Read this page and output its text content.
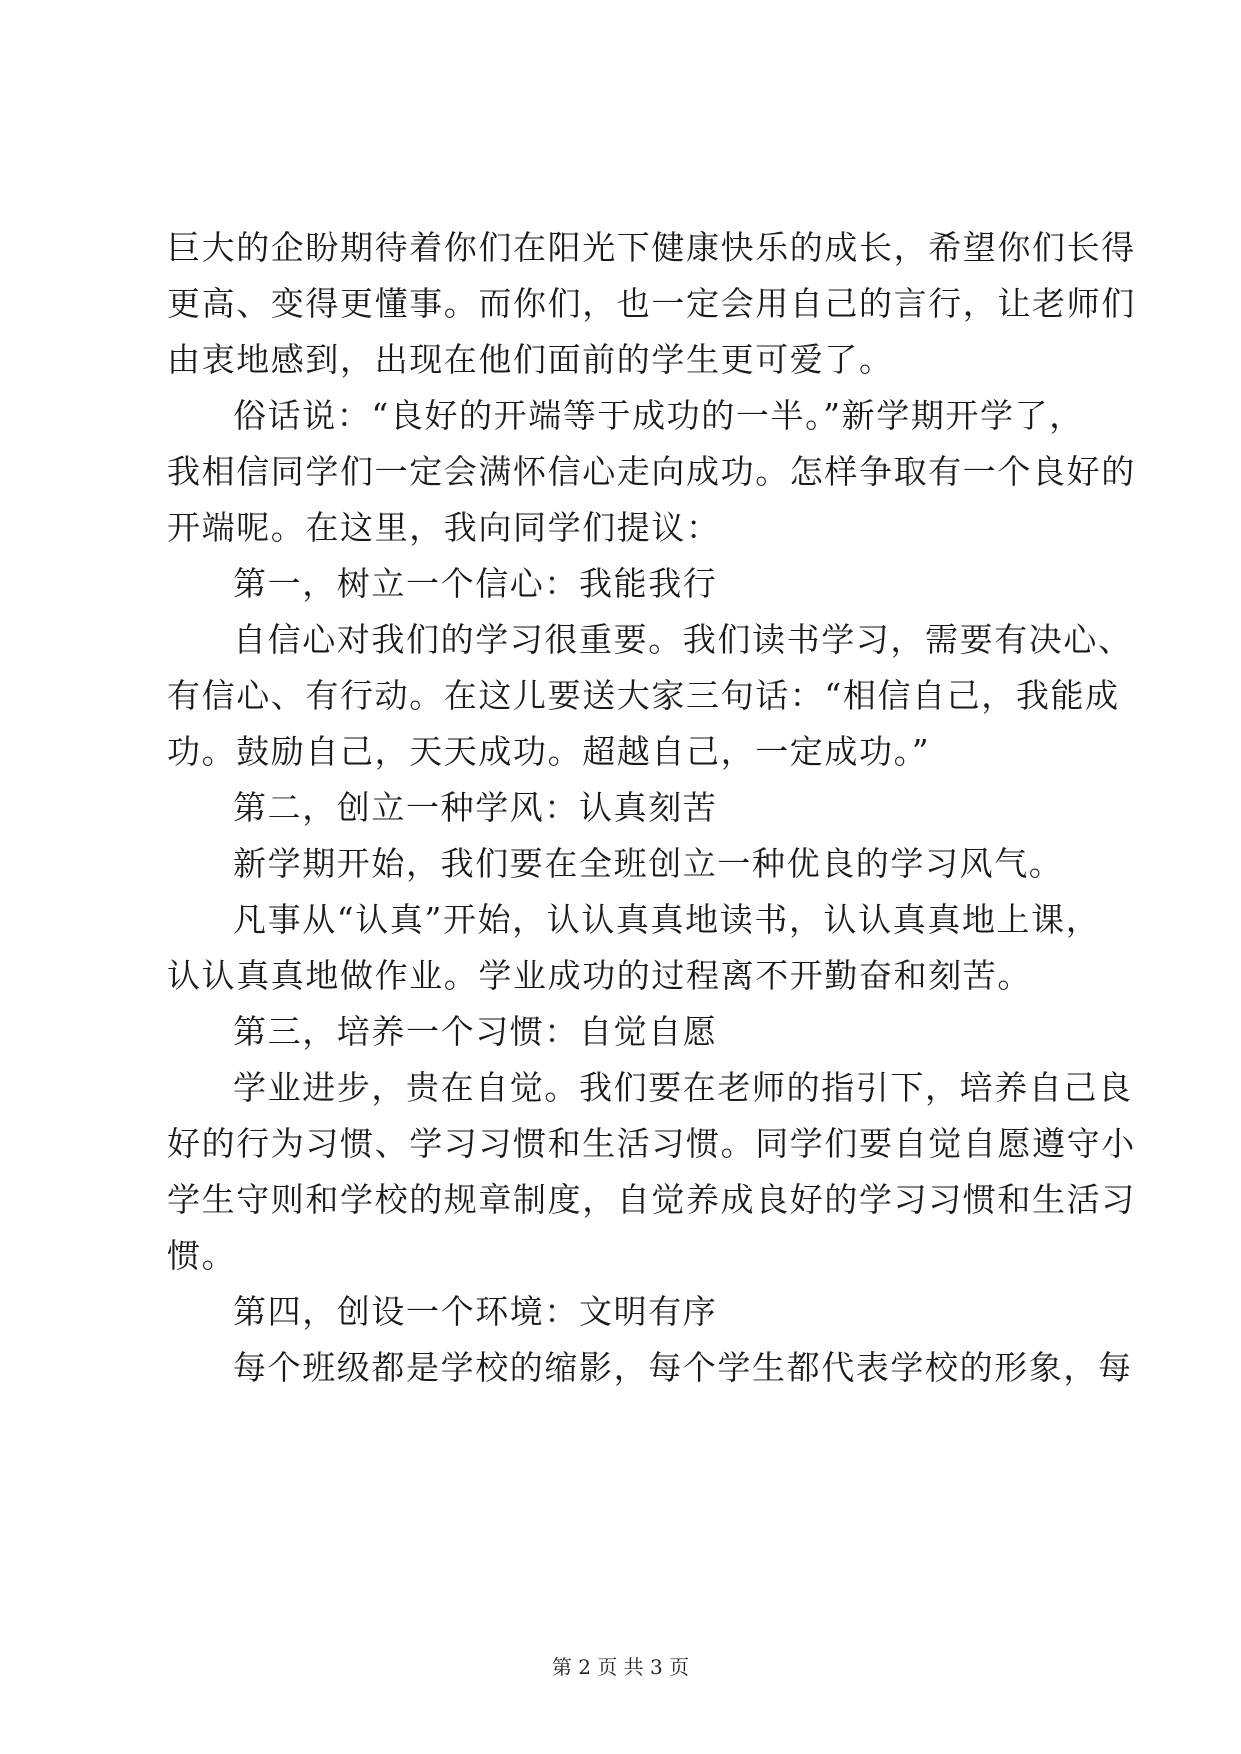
巨大的企盼期待着你们在阳光下健康快乐的成长，希望你们长得
更高、变得更懂事。而你们，也一定会用自己的言行，让老师们
由衷地感到，出现在他们面前的学生更可爱了。
俗话说：“良好的开端等于成功的一半。”新学期开学了，
我相信同学们一定会满怀信心走向成功。怎样争取有一个良好的
开端呢。在这里，我向同学们提议：
第一，树立一个信心：我能我行
自信心对我们的学习很重要。我们读书学习，需要有决心、
有信心、有行动。在这儿要送大家三句话：“相信自己，我能成
功。鼓励自己，天天成功。超越自己，一定成功。”
第二，创立一种学风：认真刻苦
新学期开始，我们要在全班创立一种优良的学习风气。
凡事从“认真”开始，认认真真地读书，认认真真地上课，
认认真真地做作业。学业成功的过程离不开勤奋和刻苦。
第三，培养一个习惯：自觉自愿
学业进步，贵在自觉。我们要在老师的指引下，培养自己良
好的行为习惯、学习习惯和生活习惯。同学们要自觉自愿遵守小
学生守则和学校的规章制度，自觉养成良好的学习习惯和生活习
惯。
第四，创设一个环境：文明有序
每个班级都是学校的缩影，每个学生都代表学校的形象，每
第 2 页 共 3 页
